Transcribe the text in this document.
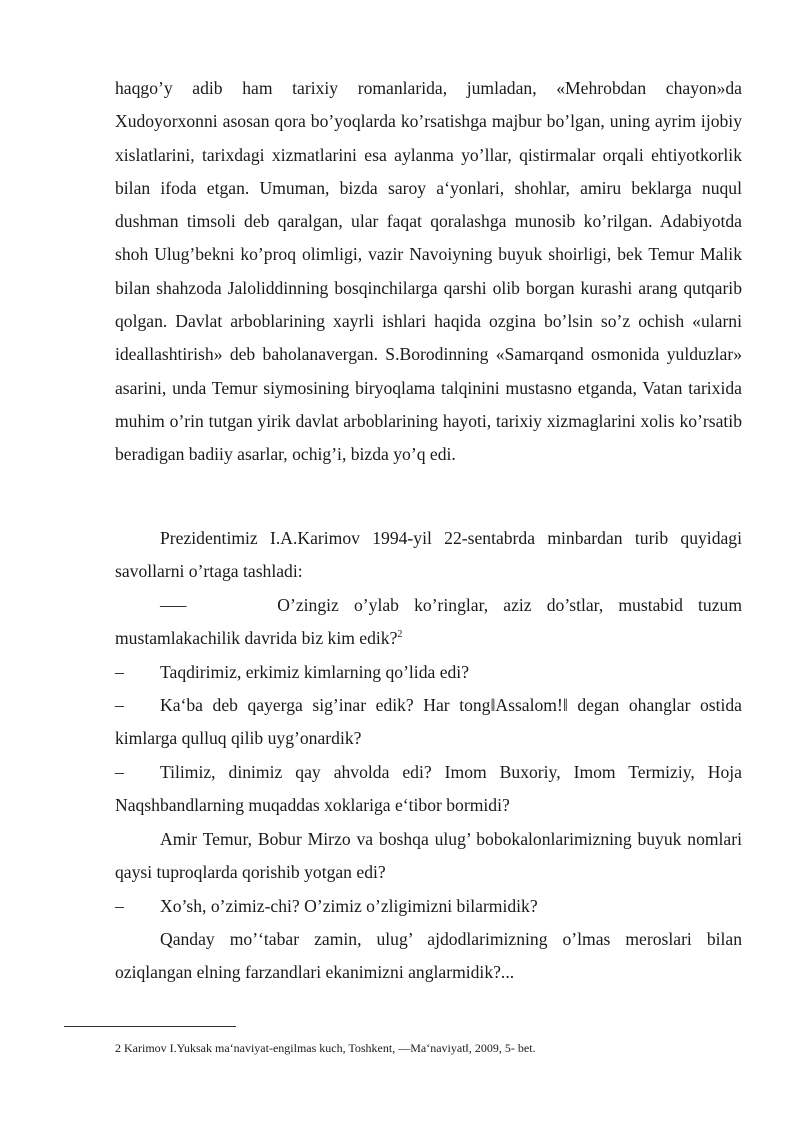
haqgo’y adib ham tarixiy romanlarida, jumladan, «Mehrobdan chayon»da Xudoyorxonni asosan qora bo’yoqlarda ko’rsatishga majbur bo’lgan, uning ayrim ijobiy xislatlarini, tarixdagi xizmatlarini esa aylanma yo’llar, qistirmalar orqali ehtiyotkorlik bilan ifoda etgan. Umuman, bizda saroy a‘yonlari, shohlar, amiru beklarga nuqul dushman timsoli deb qaralgan, ular faqat qoralashga munosib ko’rilgan. Adabiyotda shoh Ulug’bekni ko’proq olimligi, vazir Navoiyning buyuk shoirligi, bek Temur Malik bilan shahzoda Jaloliddinning bosqinchilarga qarshi olib borgan kurashi arang qutqarib qolgan. Davlat arboblarining xayrli ishlari haqida ozgina bo’lsin so’z ochish «ularni ideallashtirish» deb baholanavergan. S.Borodinning «Samarqand osmonida yulduzlar» asarini, unda Temur siymosining biryoqlama talqinini mustasno etganda, Vatan tarixida muhim o’rin tutgan yirik davlat arboblarining hayoti, tarixiy xizmaglarini xolis ko’rsatib beradigan badiiy asarlar, ochig’i, bizda yo’q edi.

Prezidentimiz I.A.Karimov 1994-yil 22-sentabrda minbardan turib quyidagi savollarni o’rtaga tashladi:

–––	O’zingiz o’ylab ko’ringlar, aziz do’stlar, mustabid tuzum mustamlakachilik davrida biz kim edik?$^2$

– Taqdirimiz, erkimiz kimlarning qo’lida edi?

– Ka‘ba deb qayerga sig’inar edik? Har tong‖Assalom!‖ degan ohanglar ostida kimlarga qulluq qilib uyg’onardik?

– Tilimiz, dinimiz qay ahvolda edi? Imom Buxoriy, Imom Termiziy, Hoja Naqshbandlarning muqaddas xoklariga e‘tibor bormidi?

Amir Temur, Bobur Mirzo va boshqa ulug’ bobokalonlarimizning buyuk nomlari qaysi tuproqlarda qorishib yotgan edi?

– Xo’sh, o’zimiz-chi? O’zimiz o’zligimizni bilarmidik?

Qanday mo’‘tabar zamin, ulug’ ajdodlarimizning o’lmas meroslari bilan oziqlangan elning farzandlari ekanimizni anglarmidik?...

2 Karimov I.Yuksak ma‘naviyat-engilmas kuch, Toshkent, ―Ma‘naviyat‖, 2009, 5- bet.
